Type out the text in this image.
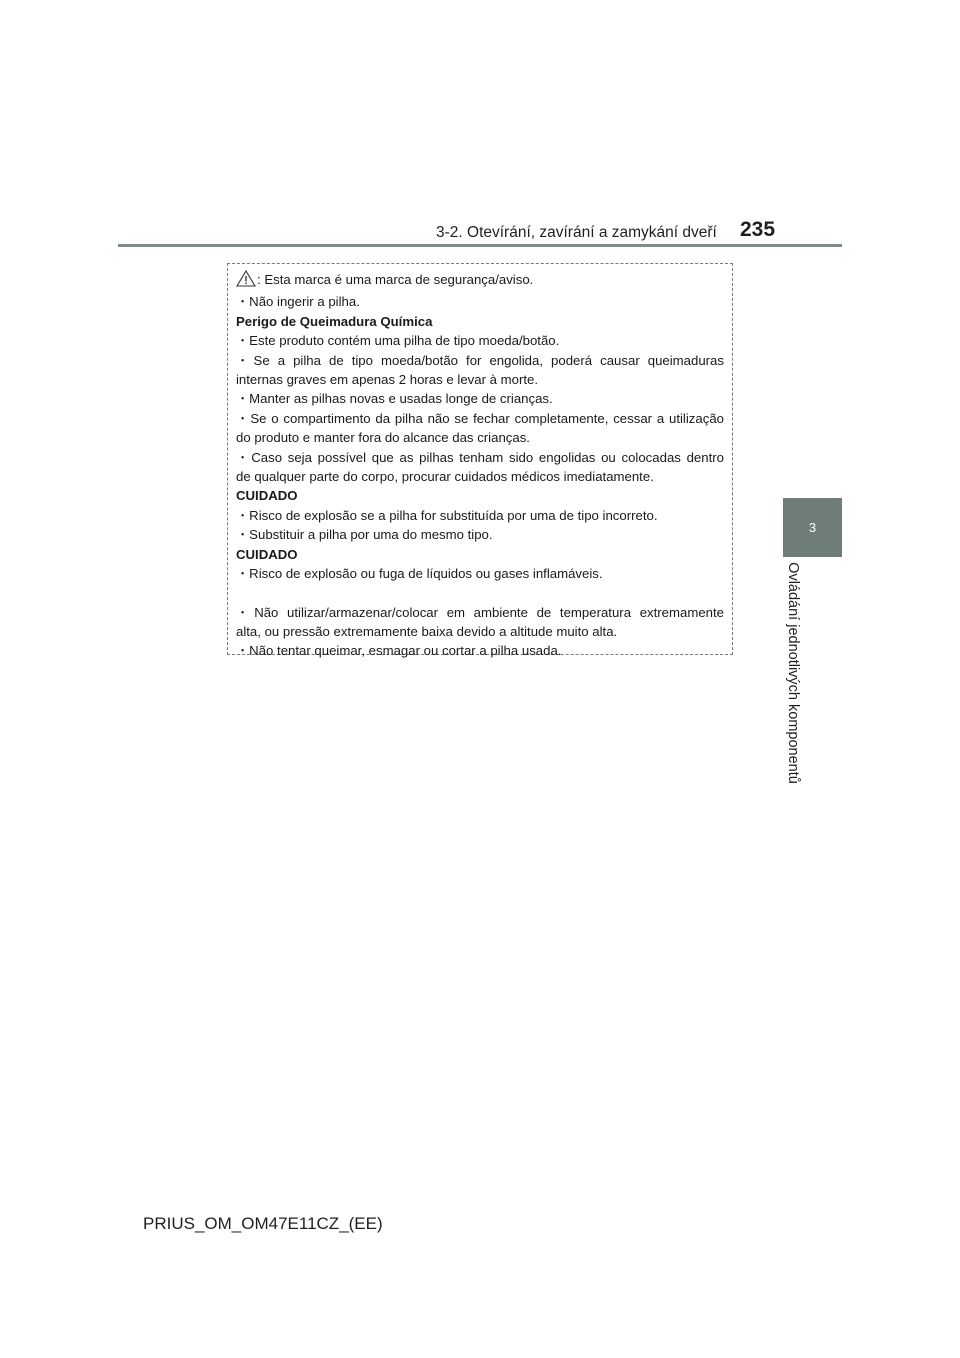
3-2. Otevírání, zavírání a zamykání dveří 235
3
Ovládání jednotlivých komponentů

: Esta marca é uma marca de segurança/aviso.

・Não ingerir a pilha.

Perigo de Queimadura Química

・Este produto contém uma pilha de tipo moeda/botão.

・Se a pilha de tipo moeda/botão for engolida, poderá causar queimaduras

internas graves em apenas 2 horas e levar à morte.

・Manter as pilhas novas e usadas longe de crianças.

・Se o compartimento da pilha não se fechar completamente, cessar a utilização

do produto e manter fora do alcance das crianças.

・Caso seja possível que as pilhas tenham sido engolidas ou colocadas dentro

de qualquer parte do corpo, procurar cuidados médicos imediatamente.

CUIDADO

・Risco de explosão se a pilha for substituída por uma de tipo incorreto.

・Substituir a pilha por uma do mesmo tipo.

CUIDADO

・Risco de explosão ou fuga de líquidos ou gases inflamáveis.

・Não utilizar/armazenar/colocar em ambiente de temperatura extremamente

alta, ou pressão extremamente baixa devido a altitude muito alta.

・Não tentar queimar, esmagar ou cortar a pilha usada.

PRIUS_OM_OM47E11CZ_(EE)
